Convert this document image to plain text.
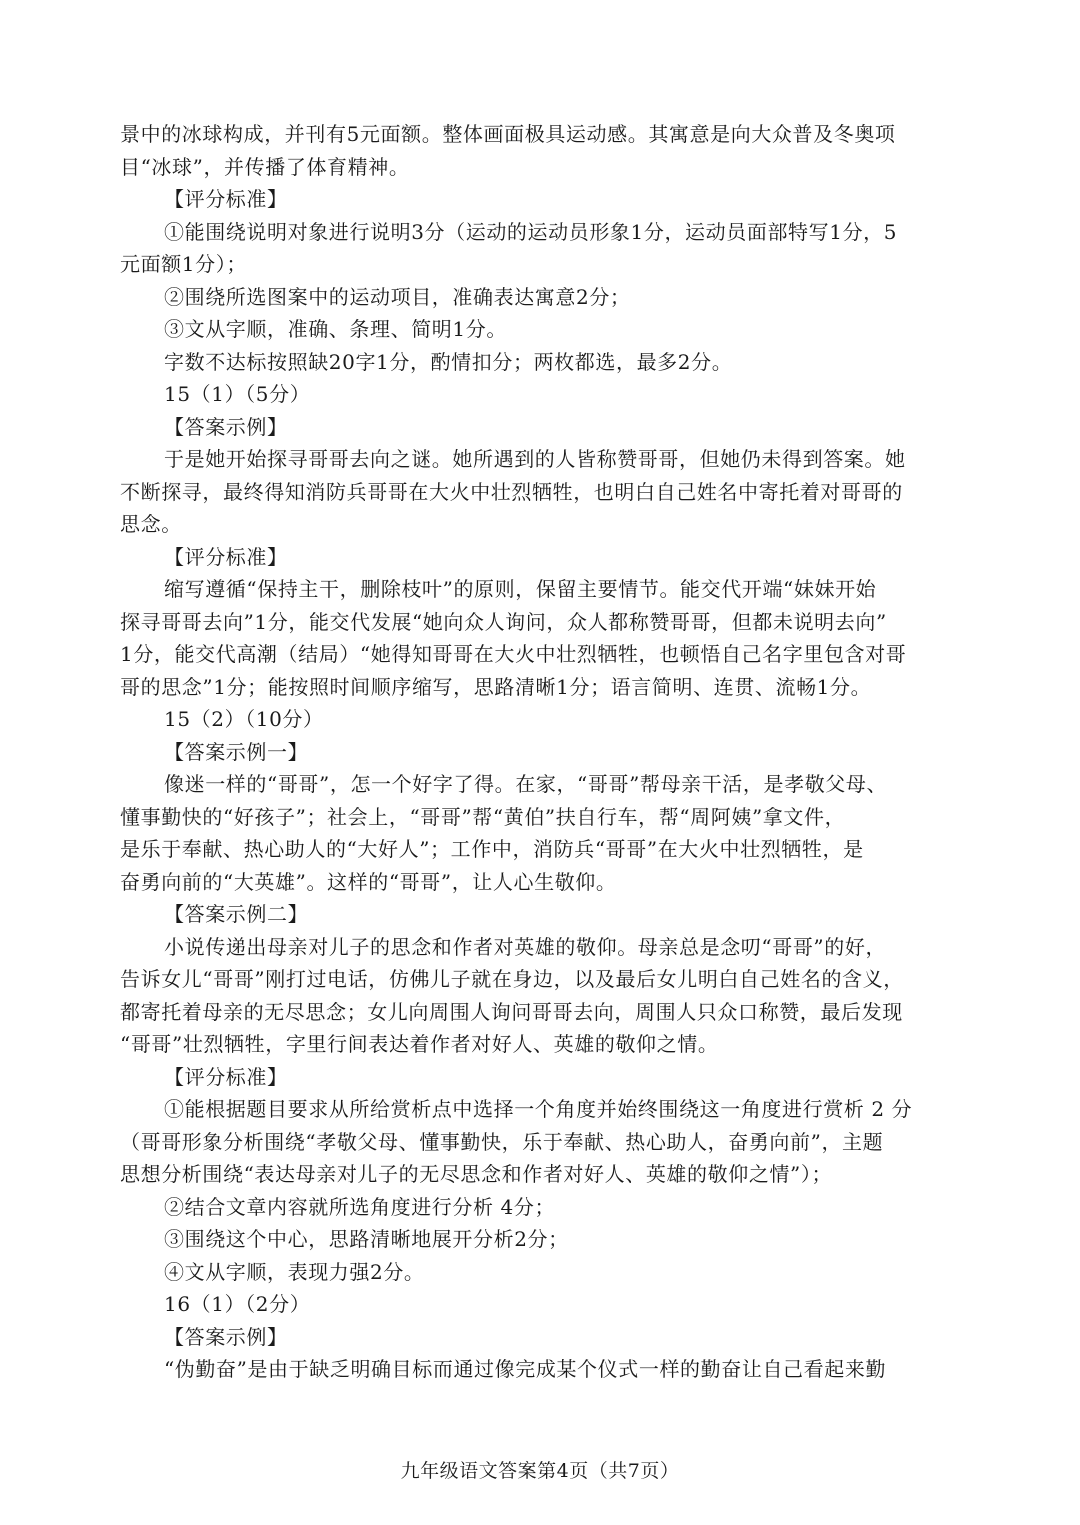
景中的冰球构成，并刊有5元面额。整体画面极具运动感。其寓意是向大众普及冬奥项
目“冰球”，并传播了体育精神。
【评分标准】
①能围绕说明对象进行说明3分（运动的运动员形象1分，运动员面部特写1分，5
元面额1分）；
②围绕所选图案中的运动项目，准确表达寓意2分；
③文从字顺，准确、条理、简明1分。
字数不达标按照缺20字1分，酌情扣分；两枚都选，最多2分。
15（1）（5分）
【答案示例】
于是她开始探寻哥哥去向之谜。她所遇到的人皆称赞哥哥，但她仍未得到答案。她
不断探寻，最终得知消防兵哥哥在大火中壮烈牺牲，也明白自己姓名中寄托着对哥哥的
思念。
【评分标准】
缩写遵循“保持主干，删除枝叶”的原则，保留主要情节。能交代开端“妹妹开始
探寻哥哥去向”1分，能交代发展“她向众人询问，众人都称赞哥哥，但都未说明去向”
1分，能交代高潮（结局）“她得知哥哥在大火中壮烈牺牲，也顿悟自己名字里包含对哥
哥的思念”1分；能按照时间顺序缩写，思路清晰1分；语言简明、连贯、流畅1分。
15（2）（10分）
【答案示例一】
像迷一样的“哥哥”，怎一个好字了得。在家，“哥哥”帮母亲干活，是孝敬父母、
懂事勤快的“好孩子”；社会上，“哥哥”帮“黄伯”扶自行车，帮“周阿姨”拿文件，
是乐于奉献、热心助人的“大好人”；工作中，消防兵“哥哥”在大火中壮烈牺牲，是
奋勇向前的“大英雄”。这样的“哥哥”，让人心生敬仰。
【答案示例二】
小说传递出母亲对儿子的思念和作者对英雄的敬仰。母亲总是念叨“哥哥”的好，
告诉女儿“哥哥”刚打过电话，仿佛儿子就在身边，以及最后女儿明白自己姓名的含义，
都寄托着母亲的无尽思念；女儿向周围人询问哥哥去向，周围人只众口称赞，最后发现
“哥哥”壮烈牺牲，字里行间表达着作者对好人、英雄的敬仰之情。
【评分标准】
①能根据题目要求从所给赏析点中选择一个角度并始终围绕这一角度进行赏析 2 分
（哥哥形象分析围绕“孝敬父母、懂事勤快，乐于奉献、热心助人，奋勇向前”，主题
思想分析围绕“表达母亲对儿子的无尽思念和作者对好人、英雄的敬仰之情”）；
②结合文章内容就所选角度进行分析 4分；
③围绕这个中心，思路清晰地展开分析2分；
④文从字顺，表现力强2分。
16（1）（2分）
【答案示例】
“伪勤奋”是由于缺乏明确目标而通过像完成某个仪式一样的勤奋让自己看起来勤
九年级语文答案第4页（共7页）
